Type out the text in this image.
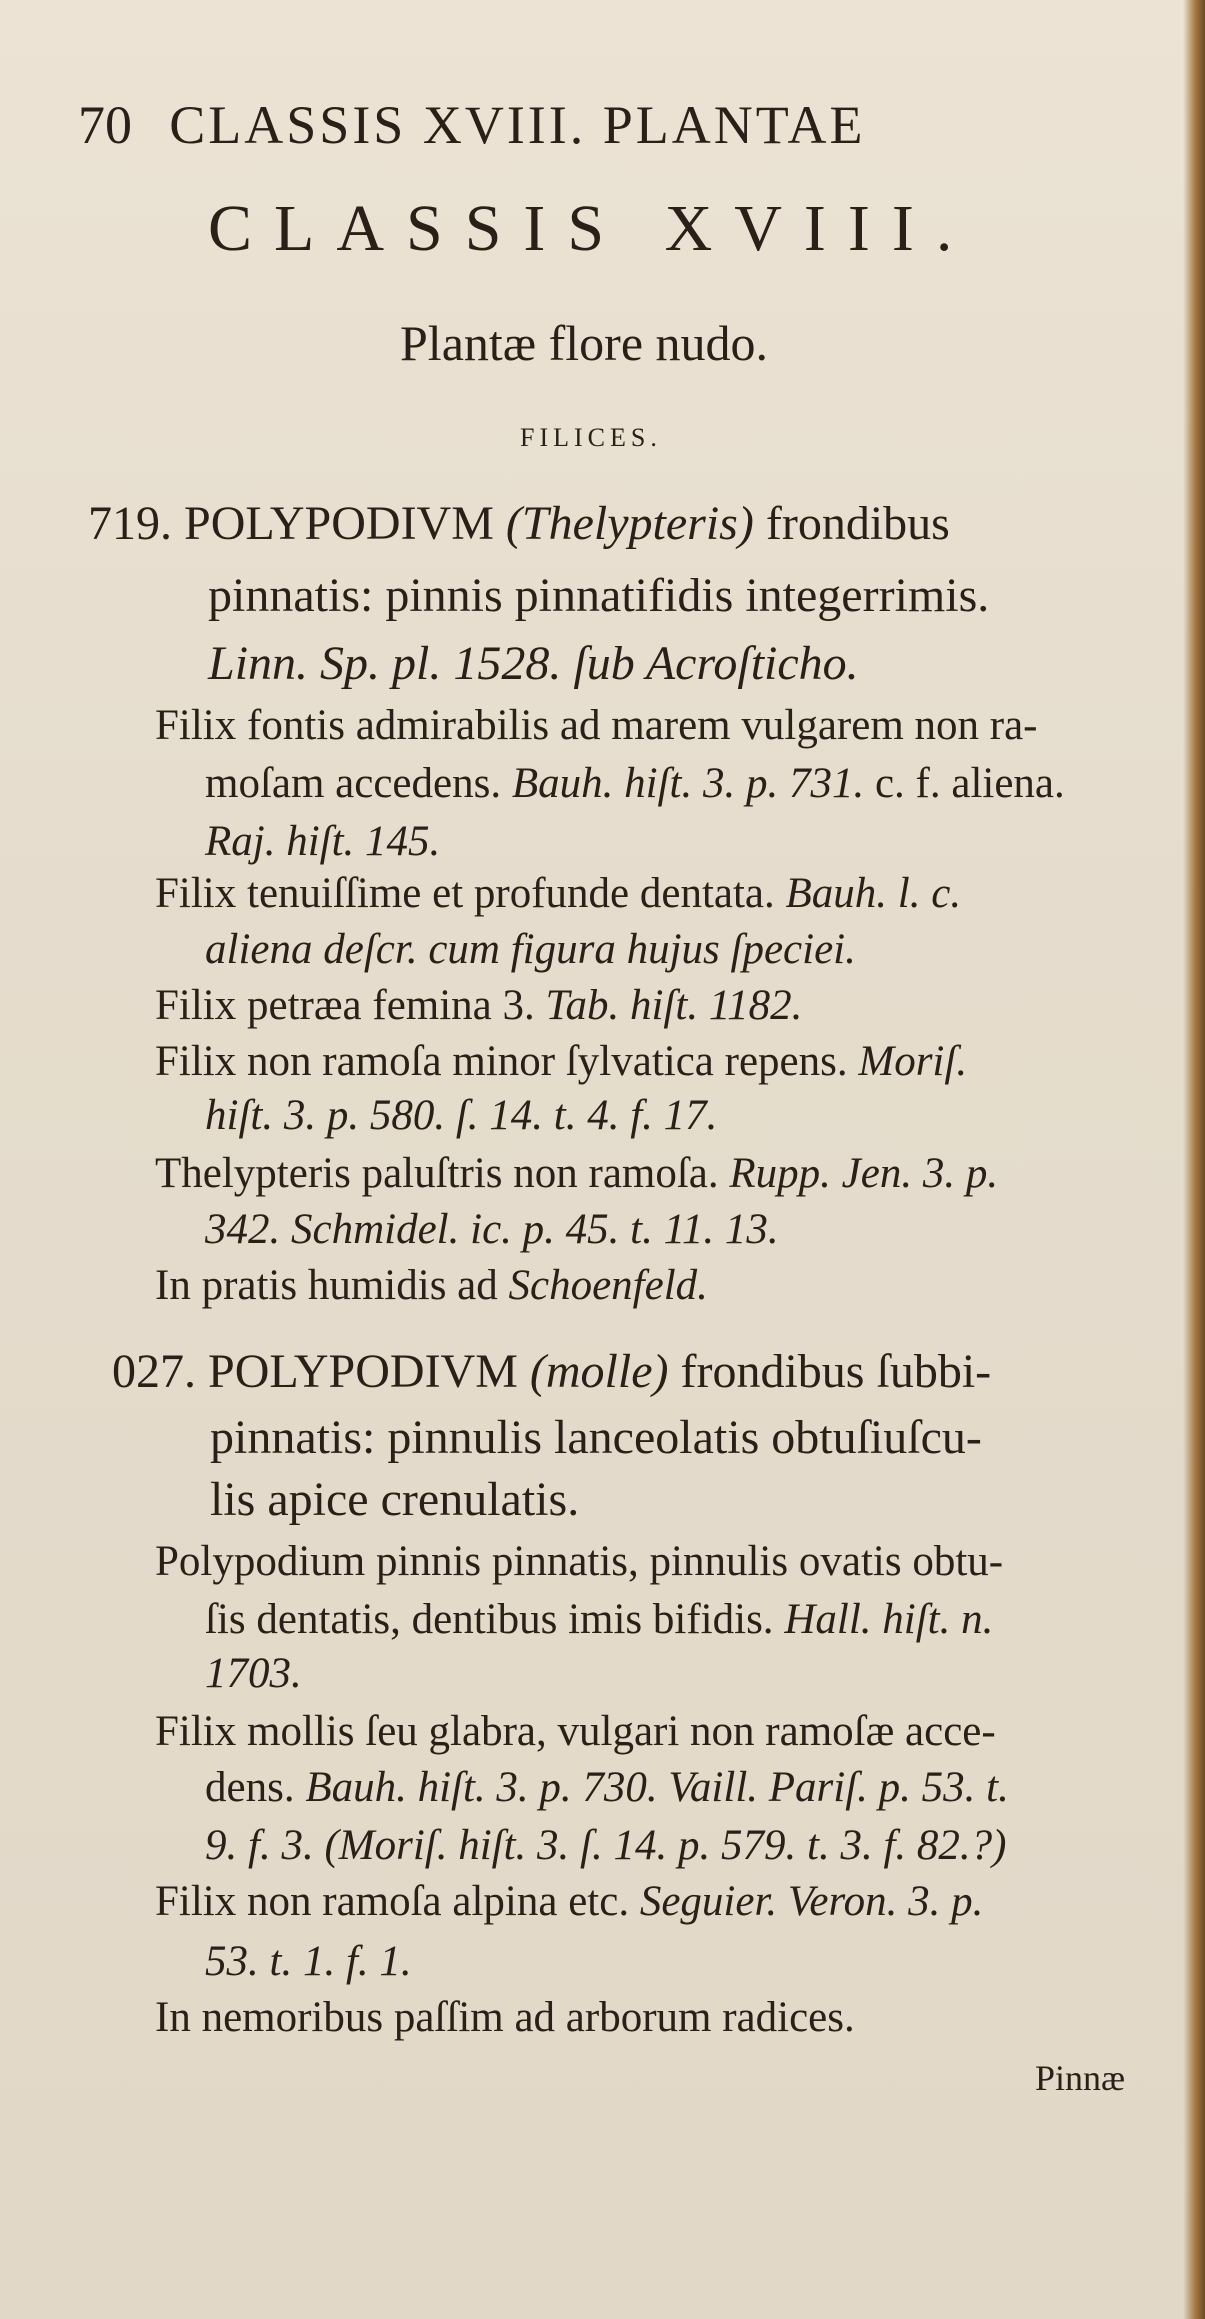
70 CLASSIS XVIII. PLANTAE
CLASSIS XVIII.
Plantæ flore nudo.
FILICES.
719. POLYPODIVM (Thelypteris) frondibus
pinnatis: pinnis pinnatifidis integerrimis.
Linn. Sp. pl. 1528. ſub Acroſticho.
Filix fontis admirabilis ad marem vulgarem non ra-
moſam accedens. Bauh. hiſt. 3. p. 731. c. f. aliena.
Raj. hiſt. 145.
Filix tenuiſſime et profunde dentata. Bauh. l. c.
aliena deſcr. cum figura hujus ſpeciei.
Filix petræa femina 3. Tab. hiſt. 1182.
Filix non ramoſa minor ſylvatica repens. Moriſ.
hiſt. 3. p. 580. ſ. 14. t. 4. f. 17.
Thelypteris paluſtris non ramoſa. Rupp. Jen. 3. p.
342. Schmidel. ic. p. 45. t. 11. 13.
In pratis humidis ad Schoenfeld.
027. POLYPODIVM (molle) frondibus ſubbi-
pinnatis: pinnulis lanceolatis obtuſiuſcu-
lis apice crenulatis.
Polypodium pinnis pinnatis, pinnulis ovatis obtu-
ſis dentatis, dentibus imis bifidis. Hall. hiſt. n.
1703.
Filix mollis ſeu glabra, vulgari non ramoſæ acce-
dens. Bauh. hiſt. 3. p. 730. Vaill. Pariſ. p. 53. t.
9. f. 3. (Moriſ. hiſt. 3. ſ. 14. p. 579. t. 3. f. 82.?)
Filix non ramoſa alpina etc. Seguier. Veron. 3. p.
53. t. 1. f. 1.
In nemoribus paſſim ad arborum radices.
Pinnæ
